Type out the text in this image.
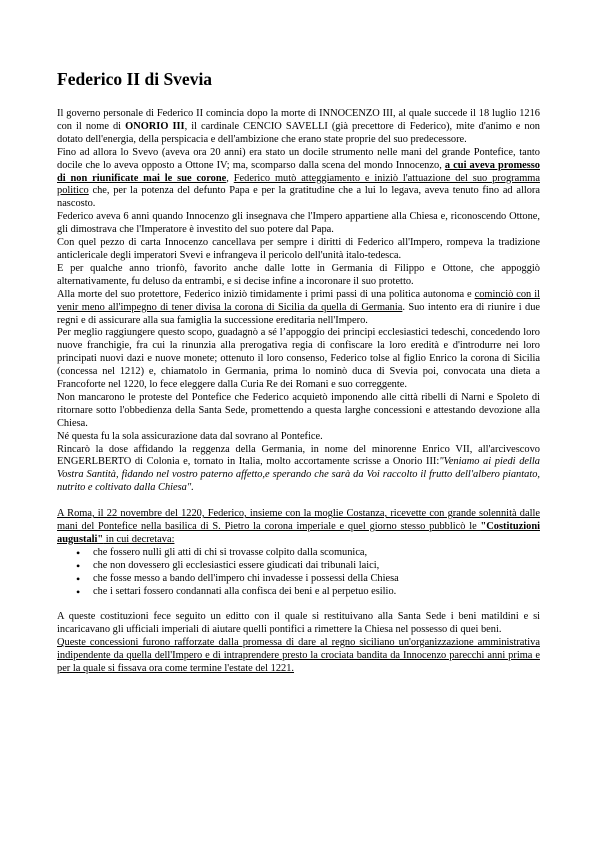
Federico II di Svevia

Il governo personale di Federico II comincia dopo la morte di INNOCENZO III, al quale succede il 18 luglio 1216 con il nome di ONORIO III, il cardinale CENCIO SAVELLI (già precettore di Federico), mite d'animo e non dotato dell'energia, della perspicacia e dell'ambizione che erano state proprie del suo predecessore.

Fino ad allora lo Svevo (aveva ora 20 anni) era stato un docile strumento nelle mani del grande Pontefice, tanto docile che lo aveva opposto a Ottone IV; ma, scomparso dalla scena del mondo Innocenzo, a cui aveva promesso di non riunificate mai le sue corone, Federico mutò atteggiamento e iniziò l'attuazione del suo programma politico che, per la potenza del defunto Papa e per la gratitudine che a lui lo legava, aveva tenuto fino ad allora nascosto.

Federico aveva 6 anni quando Innocenzo gli insegnava che l'Impero appartiene alla Chiesa e, riconoscendo Ottone, gli dimostrava che l'Imperatore è investito del suo potere dal Papa.

Con quel pezzo di carta Innocenzo cancellava per sempre i diritti di Federico all'Impero, rompeva la tradizione anticlericale degli imperatori Svevi e infrangeva il pericolo dell'unità italo-tedesca.

E per qualche anno trionfò, favorito anche dalle lotte in Germania di Filippo e Ottone, che appoggiò alternativamente, fu deluso da entrambi, e si decise infine a incoronare il suo protetto.

Alla morte del suo protettore, Federico iniziò timidamente i primi passi di una politica autonoma e cominciò con il venir meno all'impegno di tener divisa la corona di Sicilia da quella di Germania. Suo intento era di riunire i due regni e di assicurare alla sua famiglia la successione ereditaria nell'Impero.

Per meglio raggiungere questo scopo, guadagnò a sé l’appoggio dei principi ecclesiastici tedeschi, concedendo loro nuove franchigie, fra cui la rinunzia alla prerogativa regia di confiscare la loro eredità e d'introdurre nei loro principati nuovi dazi e nuove monete; ottenuto il loro consenso, Federico tolse al figlio Enrico la corona di Sicilia (concessa nel 1212) e, chiamatolo in Germania, prima lo nominò duca di Svevia poi, convocata una dieta a Francoforte nel 1220, lo fece eleggere dalla Curia Re dei Romani e suo correggente.

Non mancarono le proteste del Pontefice che Federico acquietò imponendo alle città ribelli di Narni e Spoleto di ritornare sotto l'obbedienza della Santa Sede, promettendo a questa larghe concessioni e attestando devozione alla Chiesa.

Né questa fu la sola assicurazione data dal sovrano al Pontefice.

Rincarò la dose affidando la reggenza della Germania, in nome del minorenne Enrico VII, all'arcivescovo ENGERLBERTO di Colonia e, tornato in Italia, molto accortamente scrisse a Onorio III:"Veniamo ai piedi della Vostra Santità, fidando nel vostro paterno affetto,e sperando che sarà da Voi raccolto il frutto dell'albero piantato, nutrito e coltivato dalla Chiesa".

A Roma, il 22 novembre del 1220, Federico, insieme con la moglie Costanza, ricevette con grande solennità dalle mani del Pontefice nella basilica di S. Pietro la corona imperiale e quel giorno stesso pubblicò le "Costituzioni augustali" in cui decretava:

• che fossero nulli gli atti di chi si trovasse colpito dalla scomunica,
• che non dovessero gli ecclesiastici essere giudicati dai tribunali laici,
• che fosse messo a bando dell'impero chi invadesse i possessi della Chiesa
• che i settari fossero condannati alla confisca dei beni e al perpetuo esilio.

A queste costituzioni fece seguito un editto con il quale si restituivano alla Santa Sede i beni matildini e si incaricavano gli ufficiali imperiali di aiutare quelli pontifici a rimettere la Chiesa nel possesso di quei beni.

Queste concessioni furono rafforzate dalla promessa di dare al regno siciliano un'organizzazione amministrativa indipendente da quella dell'Impero e di intraprendere presto la crociata bandita da Innocenzo parecchi anni prima e per la quale si fissava ora come termine l'estate del 1221.
